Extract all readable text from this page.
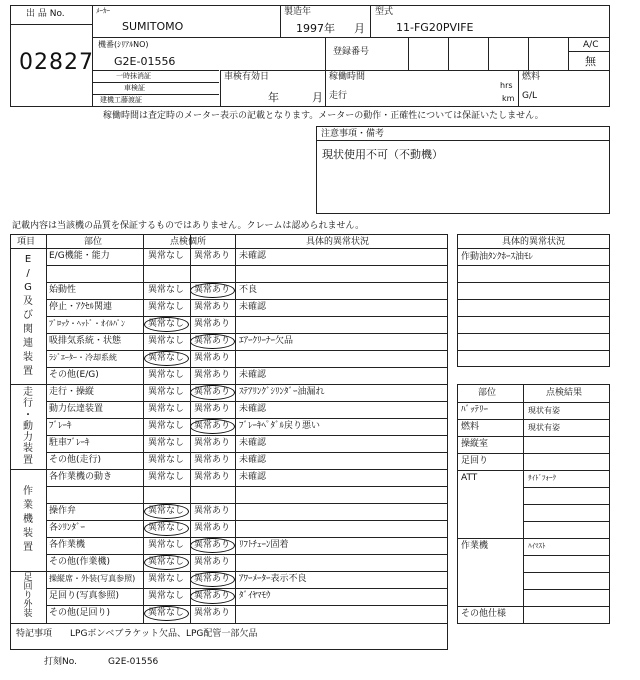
出 品 No.
02827
ﾒｰｶｰ
SUMITOMO
製造年
1997 年 月
型式
11-FG20PVIFE
機番(ｼﾘｱﾙNO)
G2E-01556
登録番号
A/C
無
一時抹消証
車検証
建機工藤渡証
車検有効日
年	月
稼働時間
走行
hrs
km
燃料
G/L
稼働時間は査定時のメーター表示の記載となります。メーターの動作・正確性については保証いたしません。
注意事項・備考
現状使用不可（不動機）
記載内容は当該機の品質を保証するものではありません。クレームは認められません。
項目	部位	点検個所	具体的異常状況
E/G機能・能力	異常なし 異常あり 未確認
始動性	異常なし 異常あり 不良
停止・ｱｸｾﾙ関連	異常なし 異常あり 未確認
ﾌﾞﾛｯｸ・ﾍｯﾄﾞ・ｵｲﾙﾊﾟﾝ	異常なし 異常あり
吸排気系統・状態	異常なし 異常あり ｴｱｰｸﾘｰﾅｰ欠品
ﾗｼﾞｴｰﾀｰ・冷却系統	異常なし 異常あり
その他(E/G)	異常なし 異常あり 未確認
走行・操縦	異常なし 異常あり ｽﾃｱﾘﾝｸﾞｼﾘﾝﾀﾞｰ油漏れ
動力伝達装置	異常なし 異常あり 未確認
ﾌﾞﾚｰｷ	異常なし 異常あり ﾌﾞﾚｰｷﾍﾟﾀﾞﾙ戻り悪い
駐車ﾌﾞﾚｰｷ	異常なし 異常あり 未確認
その他(走行)	異常なし 異常あり 未確認
各作業機の動き	異常なし 異常あり 未確認
操作弁	異常なし 異常あり
各ｼﾘﾝﾀﾞｰ	異常なし 異常あり
各作業機	異常なし 異常あり ﾘﾌﾄﾁｪｰﾝ固着
その他(作業機)	異常なし 異常あり
操縦席・外装(写真参照) 異常なし 異常あり ｱﾜｰﾒｰﾀｰ表示不良
足回り(写真参照)	異常なし 異常あり ﾀﾞｲﾔﾏﾓｳ
その他(足回り)	異常なし 異常あり
E
/
G
及
び
関
連
装
置
走
行
・
動
力
装
置
作
業
機
装
置
足
回
り
外
装
具体的異常状況
作動油ﾀﾝｸﾎｰｽ油ﾓﾚ
部位	点検結果
ﾊﾞｯﾃﾘｰ	現状有姿
燃料	現状有姿
操縦室
足回り
ATT	ｻｲﾄﾞﾌｫｰｸ
作業機	ﾊｲﾏｽﾄ
その他仕様
特記事項 LPGボンベブラケット欠品、LPG配管一部欠品
打刻No.	G2E-01556
